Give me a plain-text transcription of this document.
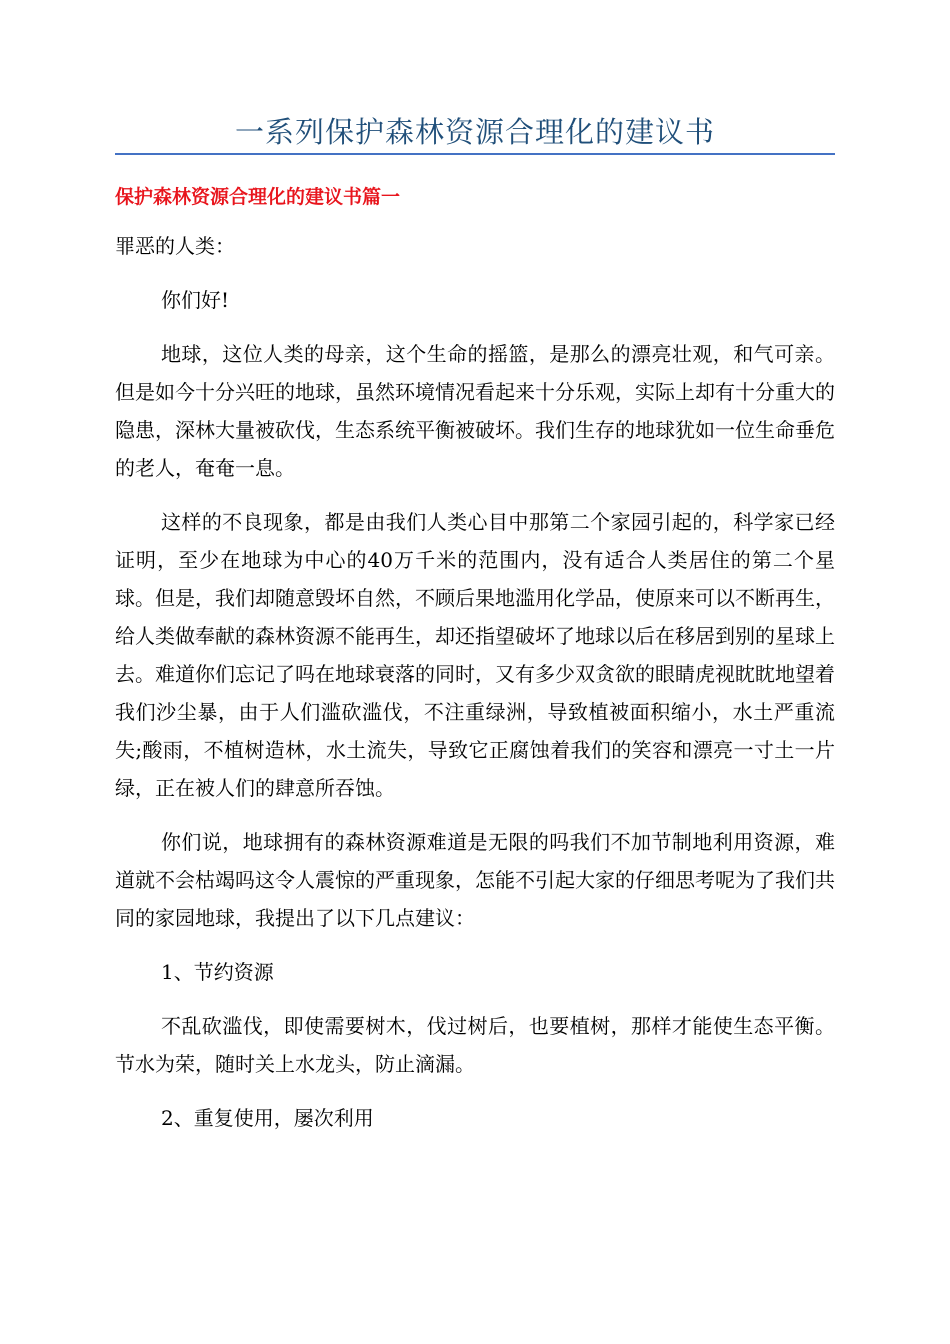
一系列保护森林资源合理化的建议书
保护森林资源合理化的建议书篇一

罪恶的人类：

你们好!

地球，这位人类的母亲，这个生命的摇篮，是那么的漂亮壮观，和气可亲。但是如今十分兴旺的地球，虽然环境情况看起来十分乐观，实际上却有十分重大的隐患，深林大量被砍伐，生态系统平衡被破坏。我们生存的地球犹如一位生命垂危的老人，奄奄一息。

这样的不良现象，都是由我们人类心目中那第二个家园引起的，科学家已经证明，至少在地球为中心的40万千米的范围内，没有适合人类居住的第二个星球。但是，我们却随意毁坏自然，不顾后果地滥用化学品，使原来可以不断再生，给人类做奉献的森林资源不能再生，却还指望破坏了地球以后在移居到别的星球上去。难道你们忘记了吗在地球衰落的同时，又有多少双贪欲的眼睛虎视眈眈地望着我们沙尘暴，由于人们滥砍滥伐，不注重绿洲，导致植被面积缩小，水土严重流失;酸雨，不植树造林，水土流失，导致它正腐蚀着我们的笑容和漂亮一寸土一片绿，正在被人们的肆意所吞蚀。

你们说，地球拥有的森林资源难道是无限的吗我们不加节制地利用资源，难道就不会枯竭吗这令人震惊的严重现象，怎能不引起大家的仔细思考呢为了我们共同的家园地球，我提出了以下几点建议：

1、节约资源

不乱砍滥伐，即使需要树木，伐过树后，也要植树，那样才能使生态平衡。节水为荣，随时关上水龙头，防止滴漏。

2、重复使用，屡次利用
